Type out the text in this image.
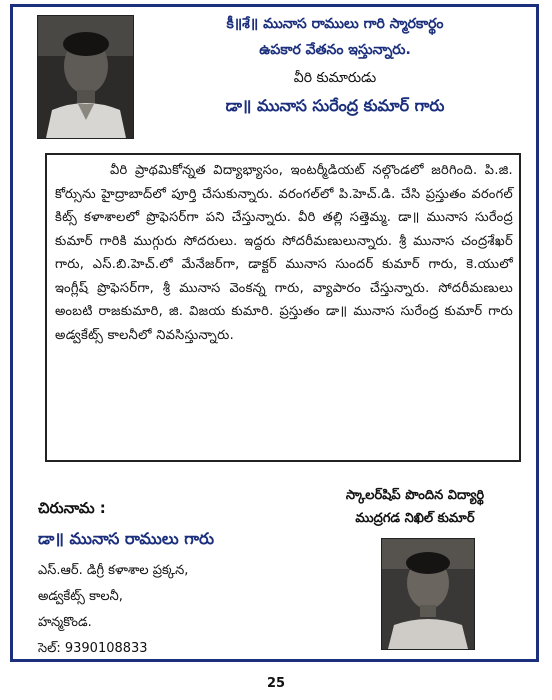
కీ॥శే॥ మునాస రాములు గారి స్మారకార్థం
ఉపకార వేతనం ఇస్తున్నారు.
వీరి కుమారుడు
డా॥ మునాస సురేంద్ర కుమార్ గారు

వీరి ప్రాథమికోన్నత విద్యాభ్యాసం, ఇంటర్మీడియట్ నల్గొండలో జరిగింది. పి.జి. కోర్సును హైద్రాబాద్‌లో పూర్తి చేసుకున్నారు. వరంగల్‌లో పి.హెచ్.డి. చేసి ప్రస్తుతం వరంగల్ కిట్స్ కళాశాలలో ప్రొఫెసర్‌గా పని చేస్తున్నారు. వీరి తల్లి సత్తెమ్మ. డా॥ మునాస సురేంద్ర కుమార్ గారికి ముగ్గురు సోదరులు. ఇద్దరు సోదరీమణులున్నారు. శ్రీ మునాస చంద్రశేఖర్ గారు, ఎస్.బి.హెచ్.లో మేనేజర్‌గా, డాక్టర్ మునాస సుందర్ కుమార్ గారు, కె.యులో ఇంగ్లీష్ ప్రొఫెసర్‌గా, శ్రీ మునాస వెంకన్న గారు, వ్యాపారం చేస్తున్నారు. సోదరీమణులు అంబటి రాజకుమారి, జి. విజయ కుమారి. ప్రస్తుతం డా॥ మునాస సురేంద్ర కుమార్ గారు అడ్వకేట్స్ కాలనీలో నివసిస్తున్నారు.

స్కాలర్‌షిప్ పొందిన విద్యార్థి
ముద్రగడ నిఖిల్ కుమార్
చిరునామ :
డా॥ మునాస రాములు గారు
ఎస్.ఆర్. డిగ్రీ కళాశాల ప్రక్కన,
అడ్వకేట్స్ కాలనీ,
హన్మకొండ.
సెల్: 9390108833
25
